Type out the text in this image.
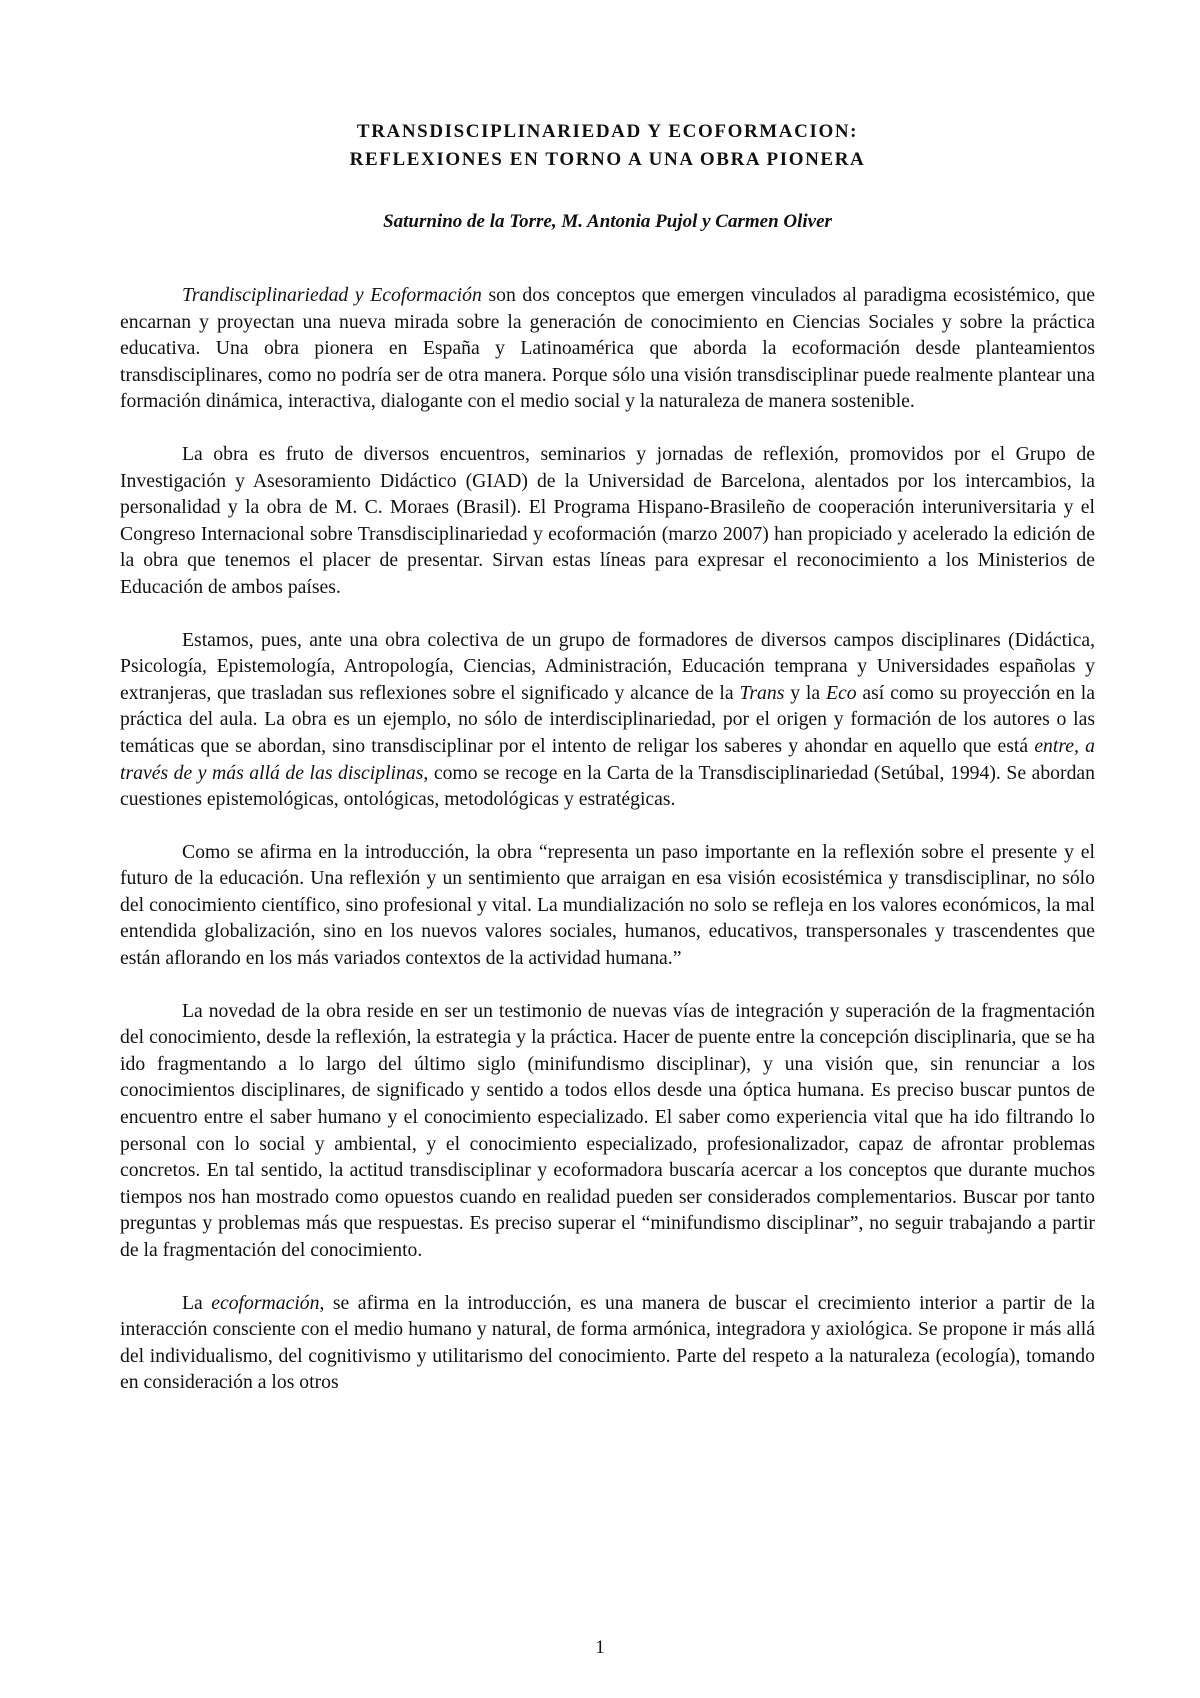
TRANSDISCIPLINARIEDAD Y ECOFORMACION:

REFLEXIONES EN TORNO A UNA OBRA PIONERA

Saturnino de la Torre, M. Antonia Pujol y Carmen Oliver

Trandisciplinariedad y Ecoformación son dos conceptos que emergen vinculados al paradigma ecosistémico, que encarnan y proyectan una nueva mirada sobre la generación de conocimiento en Ciencias Sociales y sobre la práctica educativa. Una obra pionera en España y Latinoamérica que aborda la ecoformación desde planteamientos transdisciplinares, como no podría ser de otra manera. Porque sólo una visión transdisciplinar puede realmente plantear una formación dinámica, interactiva, dialogante con el medio social y la naturaleza de manera sostenible.

La obra es fruto de diversos encuentros, seminarios y jornadas de reflexión, promovidos por el Grupo de Investigación y Asesoramiento Didáctico (GIAD) de la Universidad de Barcelona, alentados por los intercambios, la personalidad y la obra de M. C. Moraes (Brasil). El Programa Hispano-Brasileño de cooperación interuniversitaria y el Congreso Internacional sobre Transdisciplinariedad y ecoformación (marzo 2007) han propiciado y acelerado la edición de la obra que tenemos el placer de presentar. Sirvan estas líneas para expresar el reconocimiento a los Ministerios de Educación de ambos países.

Estamos, pues, ante una obra colectiva de un grupo de formadores de diversos campos disciplinares (Didáctica, Psicología, Epistemología, Antropología, Ciencias, Administración, Educación temprana y Universidades españolas y extranjeras, que trasladan sus reflexiones sobre el significado y alcance de la Trans y la Eco así como su proyección en la práctica del aula. La obra es un ejemplo, no sólo de interdisciplinariedad, por el origen y formación de los autores o las temáticas que se abordan, sino transdisciplinar por el intento de religar los saberes y ahondar en aquello que está entre, a través de y más allá de las disciplinas, como se recoge en la Carta de la Transdisciplinariedad (Setúbal, 1994). Se abordan cuestiones epistemológicas, ontológicas, metodológicas y estratégicas.

Como se afirma en la introducción, la obra “representa un paso importante en la reflexión sobre el presente y el futuro de la educación. Una reflexión y un sentimiento que arraigan en esa visión ecosistémica y transdisciplinar, no sólo del conocimiento científico, sino profesional y vital. La mundialización no solo se refleja en los valores económicos, la mal entendida globalización, sino en los nuevos valores sociales, humanos, educativos, transpersonales y trascendentes que están aflorando en los más variados contextos de la actividad humana.”

La novedad de la obra reside en ser un testimonio de nuevas vías de integración y superación de la fragmentación del conocimiento, desde la reflexión, la estrategia y la práctica. Hacer de puente entre la concepción disciplinaria, que se ha ido fragmentando a lo largo del último siglo (minifundismo disciplinar), y una visión que, sin renunciar a los conocimientos disciplinares, de significado y sentido a todos ellos desde una óptica humana. Es preciso buscar puntos de encuentro entre el saber humano y el conocimiento especializado. El saber como experiencia vital que ha ido filtrando lo personal con lo social y ambiental, y el conocimiento especializado, profesionalizador, capaz de afrontar problemas concretos. En tal sentido, la actitud transdisciplinar y ecoformadora buscaría acercar a los conceptos que durante muchos tiempos nos han mostrado como opuestos cuando en realidad pueden ser considerados complementarios. Buscar por tanto preguntas y problemas más que respuestas. Es preciso superar el “minifundismo disciplinar”, no seguir trabajando a partir de la fragmentación del conocimiento.

La ecoformación, se afirma en la introducción, es una manera de buscar el crecimiento interior a partir de la interacción consciente con el medio humano y natural, de forma armónica, integradora y axiológica. Se propone ir más allá del individualismo, del cognitivismo y utilitarismo del conocimiento. Parte del respeto a la naturaleza (ecología), tomando en consideración a los otros

1
